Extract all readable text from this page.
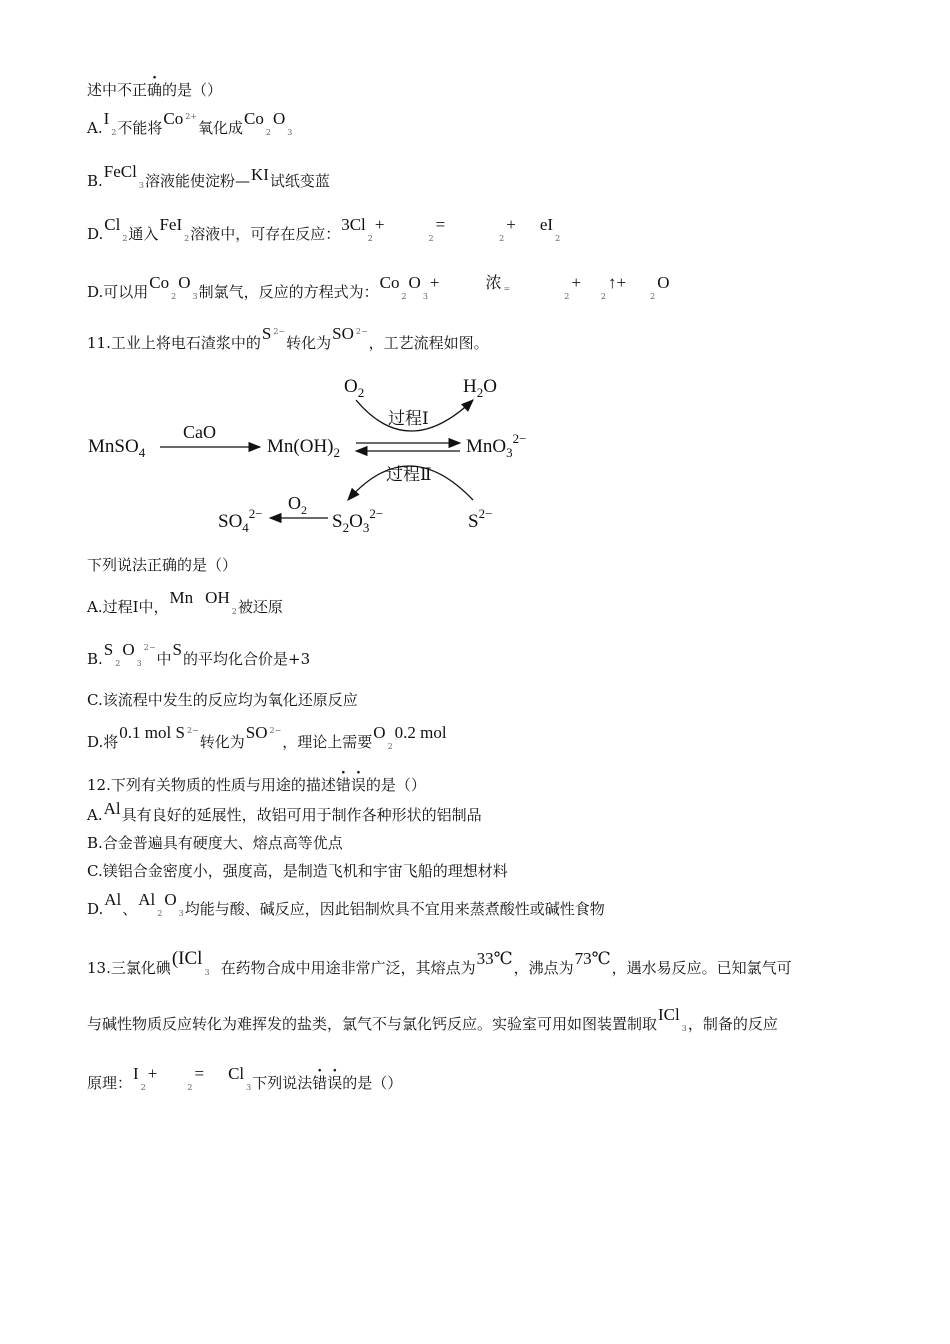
· 述中不正确的是（）
A.I2不能将Co $^{2+}$氧化成Co2O3
B.FeCl3溶液能使淀粉—KI试纸变蓝
D.Cl2通入FeI2溶液中，可存在反应：3Cl2+2=2+ eI2
D.可以用Co2O3制氯气，反应的方程式为：Co2O3+	浓 =2+2↑+2O
11.工业上将电石渣浆中的S $^{2-}$转化为SO $^{2-}$，工艺流程如图。
MnSO$_4$
CaO
$Mn(OH)_2$	MnO$_3^{2-}$
$O_2$	$H_2O$
过程Ⅰ
过程Ⅱ
$SO_4^{2-}$
$O_2$
$S_2O_3^{2-}$	$S^{2-}$
下列说法正确的是（）
A.过程Ⅰ中，Mn OH2被还原
$B.S2O3^{2-}$中S的平均化合价是+3
C.该流程中发生的反应均为氧化还原反应
D.将0.1 mol S $^{2-}$转化为SO $^{2-}$，理论上需要O20.2 mol
12.下列有关物质的性质与用途的描述错误的是（）
A.Al具有良好的延展性，故铝可用于制作各种形状的铝制品
B.合金普遍具有硬度大、熔点高等优点
C.镁铝合金密度小，强度高，是制造飞机和宇宙飞船的理想材料
D.Al、Al2O3均能与酸、碱反应，因此铝制炊具不宜用来蒸煮酸性或碱性食物
13.三氯化碘(ICl3 在药物合成中用途非常广泛，其熔点为33℃，沸点为73℃，遇水易反应。已知氯气可
与碱性物质反应转化为难挥发的盐类，氯气不与氯化钙反应。实验室可用如图装置制取ICl3，制备的反应
原理：I2+2= Cl3下列说法错误的是（）
